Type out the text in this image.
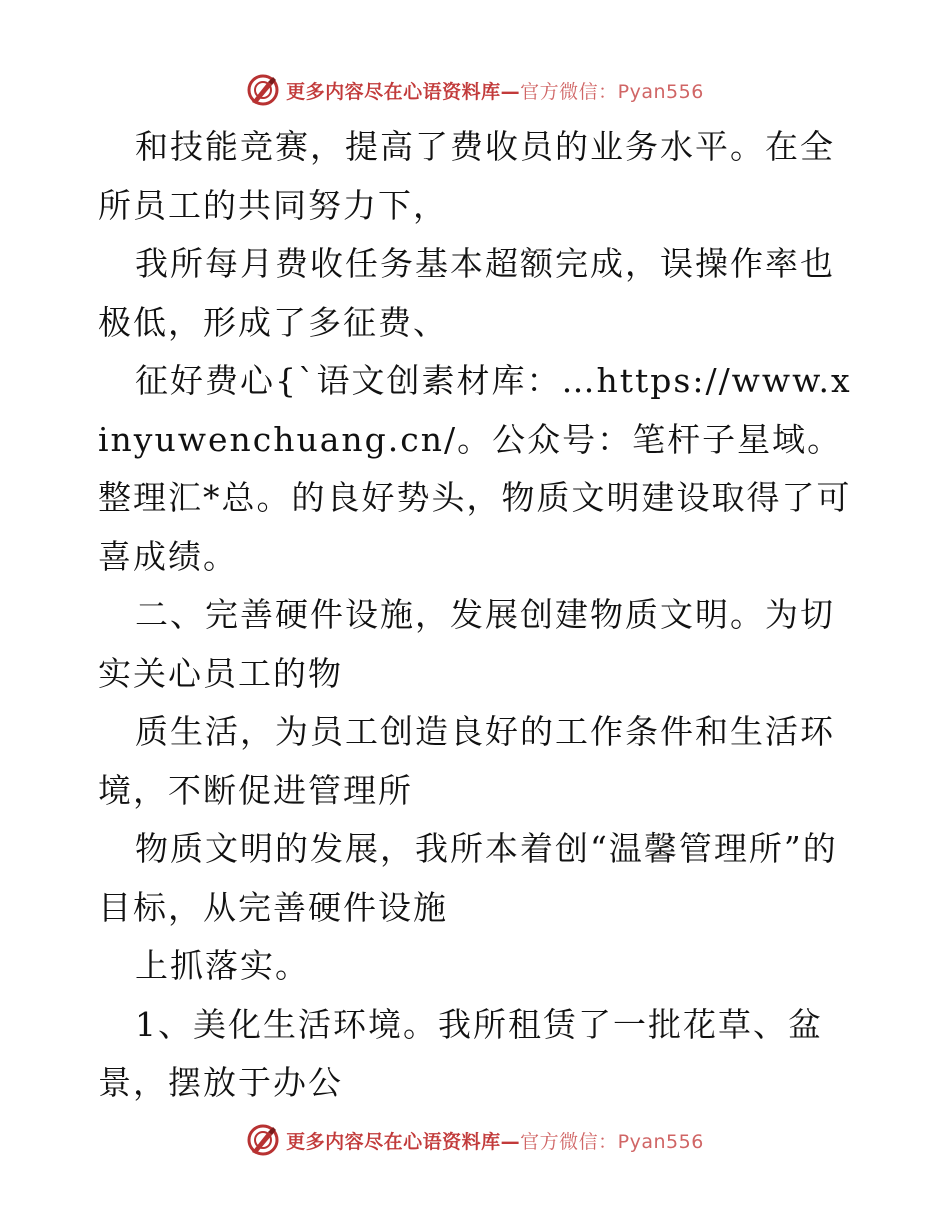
更多内容尽在心语资料库—官方微信：Pyan556

和技能竞赛，提高了费收员的业务水平。在全所员工的共同努力下，

我所每月费收任务基本超额完成，误操作率也极低，形成了多征费、

征好费心{`语文创素材库：…https://www.xinyuwenchuang.cn/。公众号：笔杆子星域。整理汇*总。的良好势头，物质文明建设取得了可喜成绩。

二、完善硬件设施，发展创建物质文明。为切实关心员工的物

质生活，为员工创造良好的工作条件和生活环境，不断促进管理所

物质文明的发展，我所本着创“温馨管理所”的目标，从完善硬件设施

上抓落实。

1、美化生活环境。我所租赁了一批花草、盆景，摆放于办公

更多内容尽在心语资料库—官方微信：Pyan556
